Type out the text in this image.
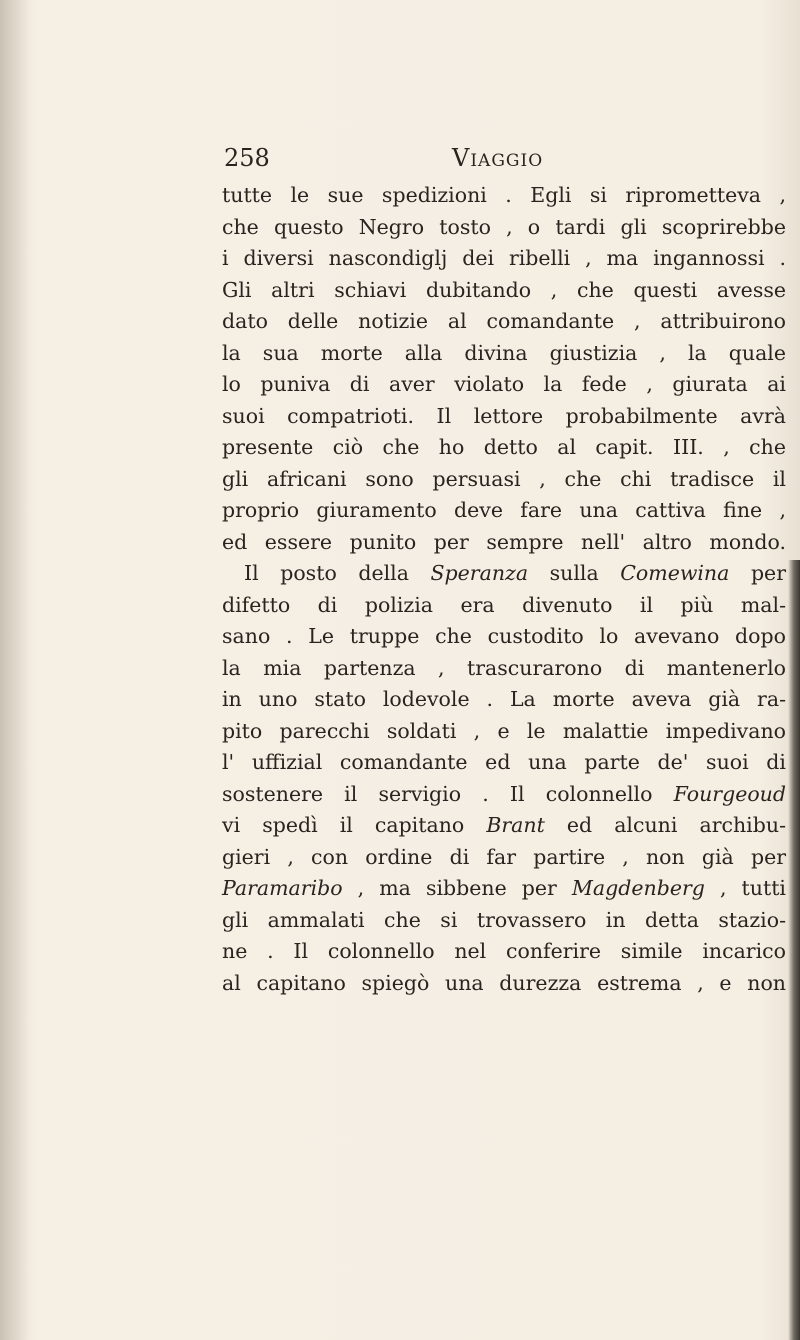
258	Viaggio
tutte le sue spedizioni . Egli si riprometteva ,
che questo Negro tosto , o tardi gli scoprirebbe
i diversi nascondiglj dei ribelli , ma ingannossi .
Gli altri schiavi dubitando , che questi avesse
dato delle notizie al comandante , attribuirono
la sua morte alla divina giustizia , la quale
lo puniva di aver violato la fede , giurata ai
suoi compatrioti. Il lettore probabilmente avrà
presente ciò che ho detto al capit. III. , che
gli africani sono persuasi , che chi tradisce il
proprio giuramento deve fare una cattiva fine ,
ed essere punito per sempre nell' altro mondo.
Il posto della Speranza sulla Comewina per
difetto di polizia era divenuto il più mal-
sano . Le truppe che custodito lo avevano dopo
la mia partenza , trascurarono di mantenerlo
in uno stato lodevole . La morte aveva già ra-
pito parecchi soldati , e le malattie impedivano
l' uffizial comandante ed una parte de' suoi di
sostenere il servigio . Il colonnello Fourgeoud
vi spedì il capitano Brant ed alcuni archibu-
gieri , con ordine di far partire , non già per
Paramaribo , ma sibbene per Magdenberg , tutti
gli ammalati che si trovassero in detta stazio-
ne . Il colonnello nel conferire simile incarico
al capitano spiegò una durezza estrema , e non
